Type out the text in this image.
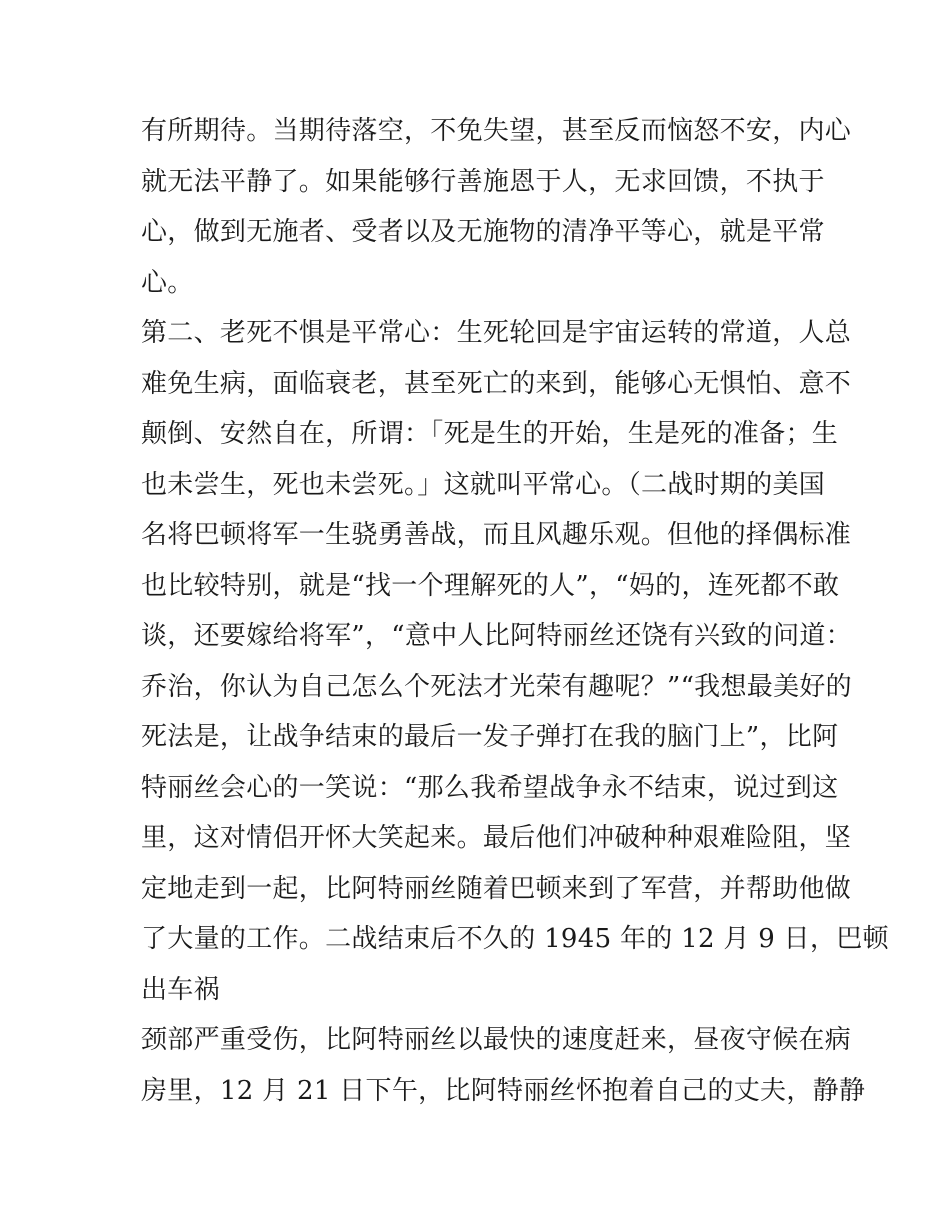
有所期待。当期待落空，不免失望，甚至反而恼怒不安，内心
就无法平静了。如果能够行善施恩于人，无求回馈，不执于
心，做到无施者、受者以及无施物的清净平等心，就是平常
心。
第二、老死不惧是平常心：生死轮回是宇宙运转的常道，人总
难免生病，面临衰老，甚至死亡的来到，能够心无惧怕、意不
颠倒、安然自在，所谓：「死是生的开始，生是死的准备；生
也未尝生，死也未尝死。」这就叫平常心。（二战时期的美国
名将巴顿将军一生骁勇善战，而且风趣乐观。但他的择偶标准
也比较特别，就是“找一个理解死的人”，“妈的，连死都不敢
谈，还要嫁给将军”，“意中人比阿特丽丝还饶有兴致的问道：
乔治，你认为自己怎么个死法才光荣有趣呢？”“我想最美好的
死法是，让战争结束的最后一发子弹打在我的脑门上”，比阿
特丽丝会心的一笑说：“那么我希望战争永不结束，说过到这
里，这对情侣开怀大笑起来。最后他们冲破种种艰难险阻，坚
定地走到一起，比阿特丽丝随着巴顿来到了军营，并帮助他做
了大量的工作。二战结束后不久的 1945 年的 12 月 9 日，巴顿
出车祸
颈部严重受伤，比阿特丽丝以最快的速度赶来，昼夜守候在病
房里，12 月 21 日下午，比阿特丽丝怀抱着自己的丈夫，静静
